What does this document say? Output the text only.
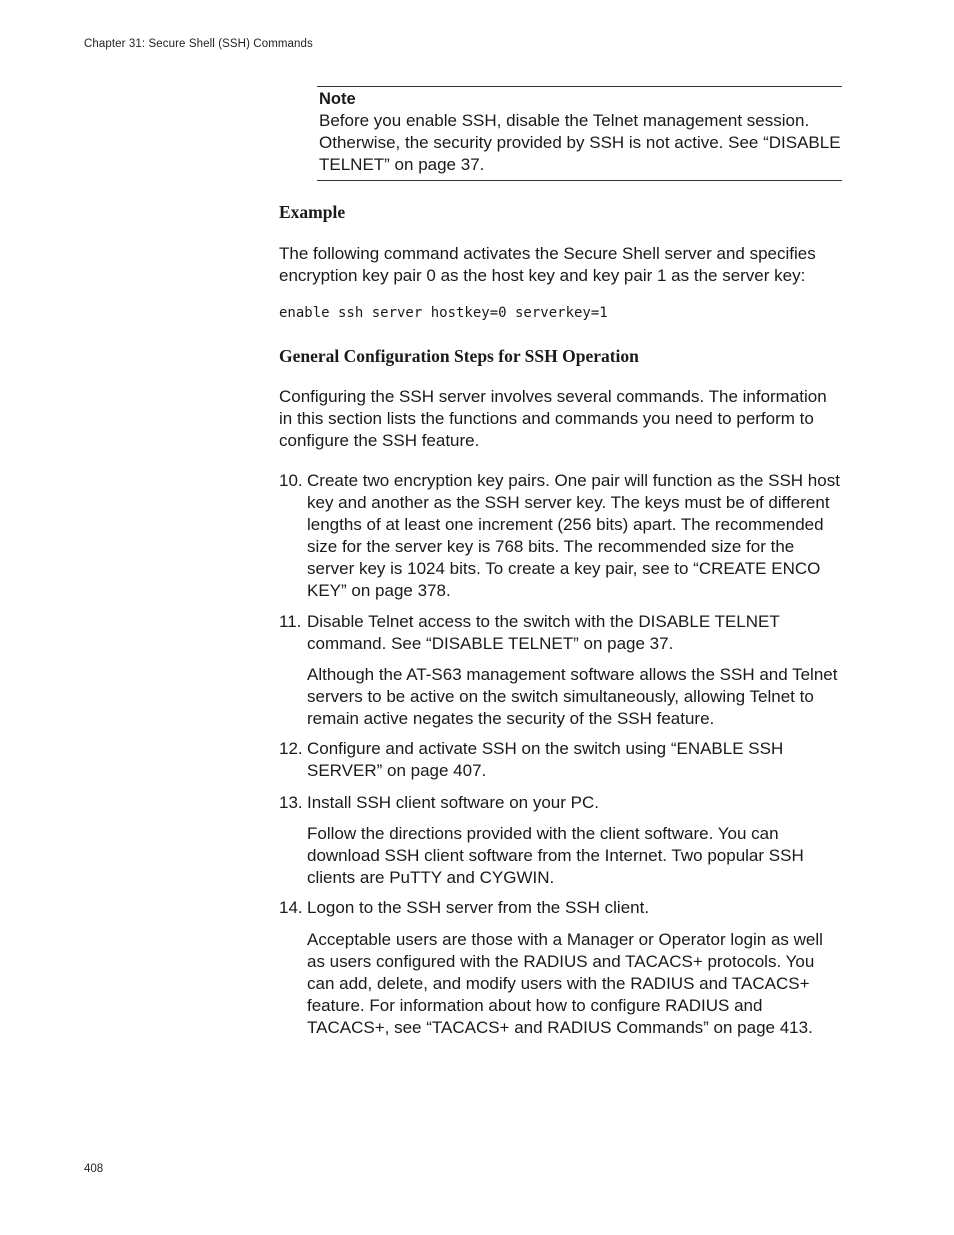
Chapter 31: Secure Shell (SSH) Commands
Note
Before you enable SSH, disable the Telnet management session. Otherwise, the security provided by SSH is not active. See “DISABLE TELNET” on page 37.
Example

The following command activates the Secure Shell server and specifies encryption key pair 0 as the host key and key pair 1 as the server key:

enable ssh server hostkey=0 serverkey=1
General Configuration Steps for SSH Operation

Configuring the SSH server involves several commands. The information in this section lists the functions and commands you need to perform to configure the SSH feature.

10. Create two encryption key pairs. One pair will function as the SSH host key and another as the SSH server key. The keys must be of different lengths of at least one increment (256 bits) apart. The recommended size for the server key is 768 bits. The recommended size for the server key is 1024 bits. To create a key pair, see to “CREATE ENCO KEY” on page 378.
11. Disable Telnet access to the switch with the DISABLE TELNET command. See “DISABLE TELNET” on page 37.

Although the AT-S63 management software allows the SSH and Telnet servers to be active on the switch simultaneously, allowing Telnet to remain active negates the security of the SSH feature.

12. Configure and activate SSH on the switch using “ENABLE SSH SERVER” on page 407.
13. Install SSH client software on your PC.

Follow the directions provided with the client software. You can download SSH client software from the Internet. Two popular SSH clients are PuTTY and CYGWIN.

14. Logon to the SSH server from the SSH client.

Acceptable users are those with a Manager or Operator login as well as users configured with the RADIUS and TACACS+ protocols. You can add, delete, and modify users with the RADIUS and TACACS+ feature. For information about how to configure RADIUS and TACACS+, see “TACACS+ and RADIUS Commands” on page 413.

408
